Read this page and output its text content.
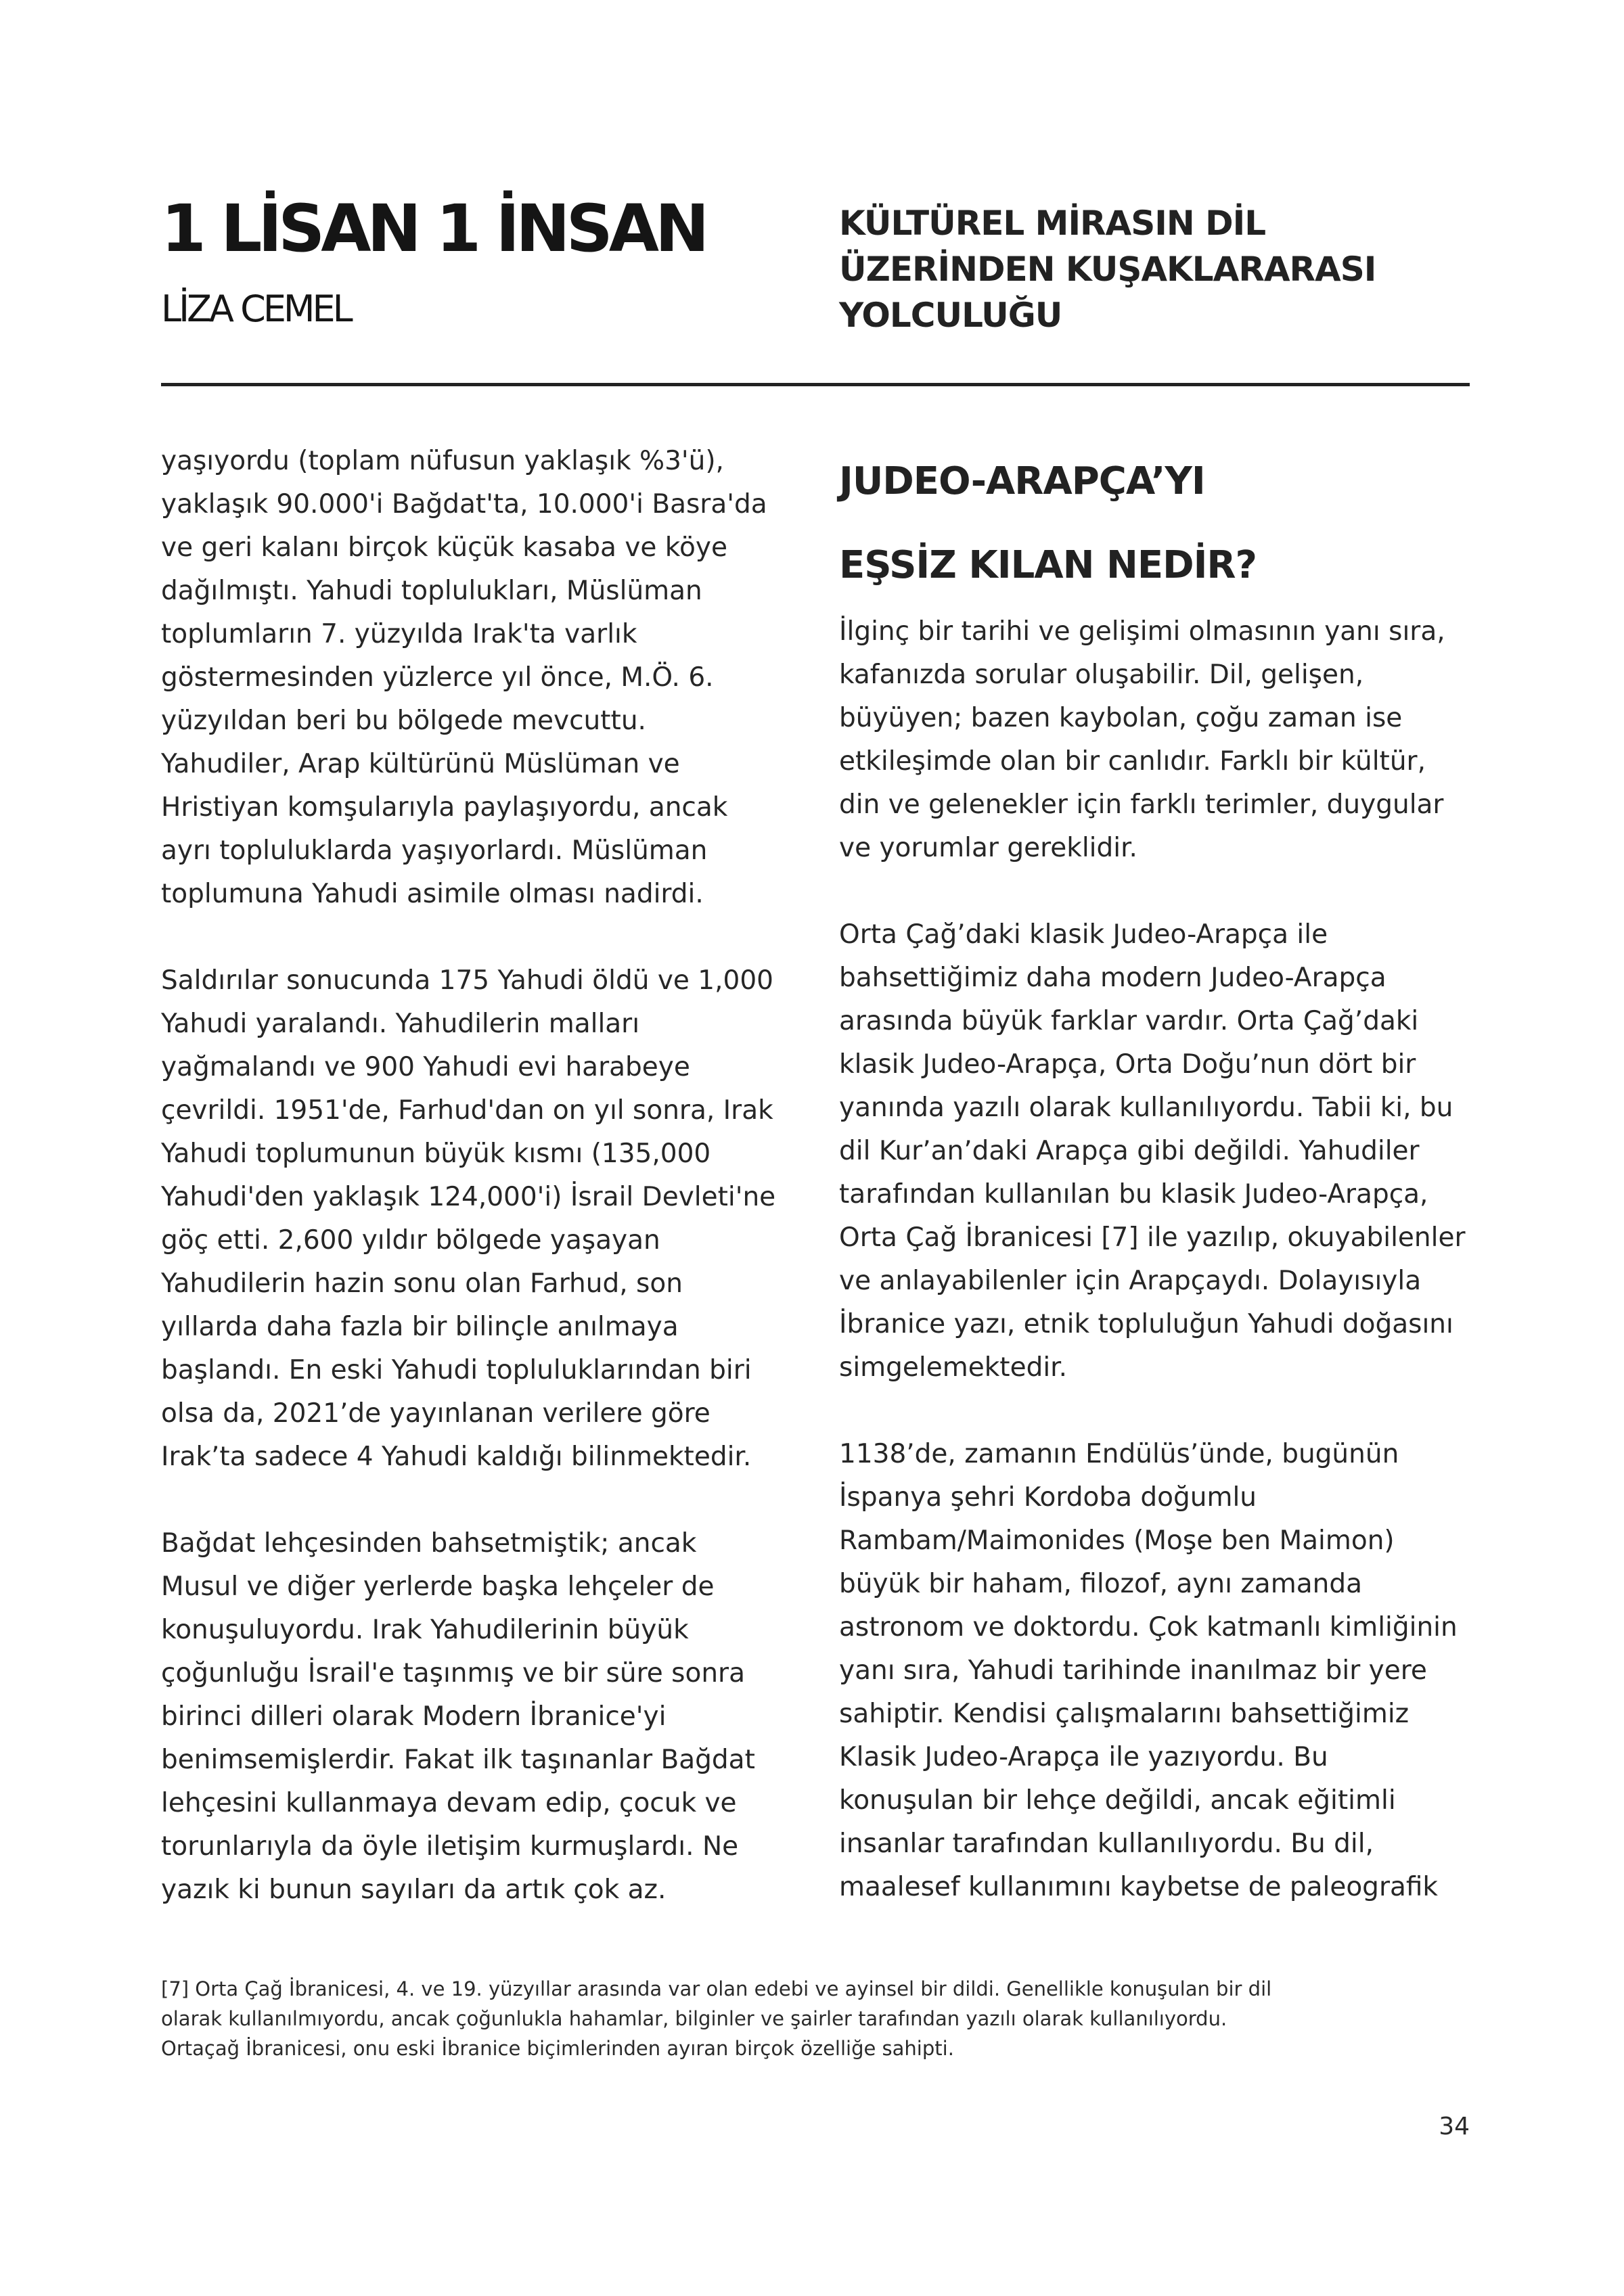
1 LİSAN 1 İNSAN
LİZA CEMEL
KÜLTÜREL MİRASIN DİL
ÜZERİNDEN KUŞAKLARARASI
YOLCULUĞU

yaşıyordu (toplam nüfusun yaklaşık %3'ü),
yaklaşık 90.000'i Bağdat'ta, 10.000'i Basra'da
ve geri kalanı birçok küçük kasaba ve köye
dağılmıştı. Yahudi toplulukları, Müslüman
toplumların 7. yüzyılda Irak'ta varlık
göstermesinden yüzlerce yıl önce, M.Ö. 6.
yüzyıldan beri bu bölgede mevcuttu.
Yahudiler, Arap kültürünü Müslüman ve
Hristiyan komşularıyla paylaşıyordu, ancak
ayrı topluluklarda yaşıyorlardı. Müslüman
toplumuna Yahudi asimile olması nadirdi.

Saldırılar sonucunda 175 Yahudi öldü ve 1,000
Yahudi yaralandı. Yahudilerin malları
yağmalandı ve 900 Yahudi evi harabeye
çevrildi. 1951'de, Farhud'dan on yıl sonra, Irak
Yahudi toplumunun büyük kısmı (135,000
Yahudi'den yaklaşık 124,000'i) İsrail Devleti'ne
göç etti. 2,600 yıldır bölgede yaşayan
Yahudilerin hazin sonu olan Farhud, son
yıllarda daha fazla bir bilinçle anılmaya
başlandı. En eski Yahudi topluluklarından biri
olsa da, 2021’de yayınlanan verilere göre
Irak’ta sadece 4 Yahudi kaldığı bilinmektedir.

Bağdat lehçesinden bahsetmiştik; ancak
Musul ve diğer yerlerde başka lehçeler de
konuşuluyordu. Irak Yahudilerinin büyük
çoğunluğu İsrail'e taşınmış ve bir süre sonra
birinci dilleri olarak Modern İbranice'yi
benimsemişlerdir. Fakat ilk taşınanlar Bağdat
lehçesini kullanmaya devam edip, çocuk ve
torunlarıyla da öyle iletişim kurmuşlardı. Ne
yazık ki bunun sayıları da artık çok az.

JUDEO-ARAPÇA’YI
EŞSİZ KILAN NEDİR?

İlginç bir tarihi ve gelişimi olmasının yanı sıra,
kafanızda sorular oluşabilir. Dil, gelişen,
büyüyen; bazen kaybolan, çoğu zaman ise
etkileşimde olan bir canlıdır. Farklı bir kültür,
din ve gelenekler için farklı terimler, duygular
ve yorumlar gereklidir.

Orta Çağ’daki klasik Judeo-Arapça ile
bahsettiğimiz daha modern Judeo-Arapça
arasında büyük farklar vardır. Orta Çağ’daki
klasik Judeo-Arapça, Orta Doğu’nun dört bir
yanında yazılı olarak kullanılıyordu. Tabii ki, bu
dil Kur’an’daki Arapça gibi değildi. Yahudiler
tarafından kullanılan bu klasik Judeo-Arapça,
Orta Çağ İbranicesi [7] ile yazılıp, okuyabilenler
ve anlayabilenler için Arapçaydı. Dolayısıyla
İbranice yazı, etnik topluluğun Yahudi doğasını
simgelemektedir.

1138’de, zamanın Endülüs’ünde, bugünün
İspanya şehri Kordoba doğumlu
Rambam/Maimonides (Moşe ben Maimon)
büyük bir haham, filozof, aynı zamanda
astronom ve doktordu. Çok katmanlı kimliğinin
yanı sıra, Yahudi tarihinde inanılmaz bir yere
sahiptir. Kendisi çalışmalarını bahsettiğimiz
Klasik Judeo-Arapça ile yazıyordu. Bu
konuşulan bir lehçe değildi, ancak eğitimli
insanlar tarafından kullanılıyordu. Bu dil,
maalesef kullanımını kaybetse de paleografik

[7] Orta Çağ İbranicesi, 4. ve 19. yüzyıllar arasında var olan edebi ve ayinsel bir dildi. Genellikle konuşulan bir dil
olarak kullanılmıyordu, ancak çoğunlukla hahamlar, bilginler ve şairler tarafından yazılı olarak kullanılıyordu.
Ortaçağ İbranicesi, onu eski İbranice biçimlerinden ayıran birçok özelliğe sahipti.

34
